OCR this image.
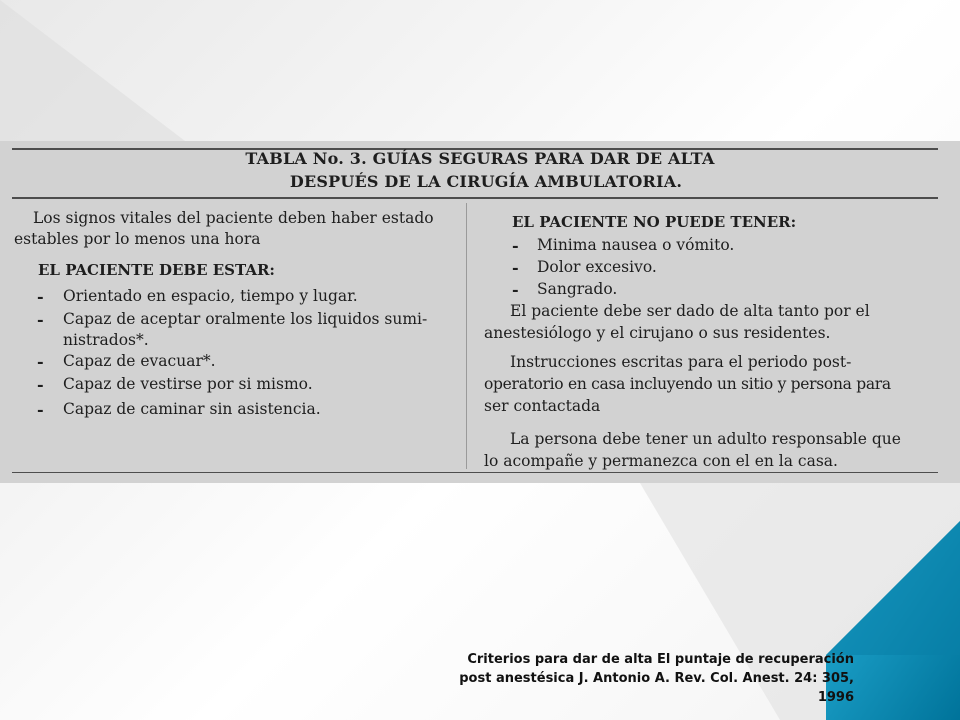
TABLA No. 3. GUÍAS SEGURAS PARA DAR DE ALTA
DESPUÉS DE LA CIRUGÍA AMBULATORIA.
Los signos vitales del paciente deben haber estado
estables por lo menos una hora
EL PACIENTE DEBE ESTAR:
- Orientado en espacio, tiempo y lugar.
- Capaz de aceptar oralmente los liquidos sumi-
nistrados*.
- Capaz de evacuar*.
- Capaz de vestirse por si mismo.
- Capaz de caminar sin asistencia.
EL PACIENTE NO PUEDE TENER:
- Minima nausea o vómito.
- Dolor excesivo.
- Sangrado.
El paciente debe ser dado de alta tanto por el
anestesiólogo y el cirujano o sus residentes.
Instrucciones escritas para el periodo post-
operatorio en casa incluyendo un sitio y persona para
ser contactada
La persona debe tener un adulto responsable que
lo acompañe y permanezca con el en la casa.
Criterios para dar de alta El puntaje de recuperación
post anestésica J. Antonio A. Rev. Col. Anest. 24: 305,
1996
